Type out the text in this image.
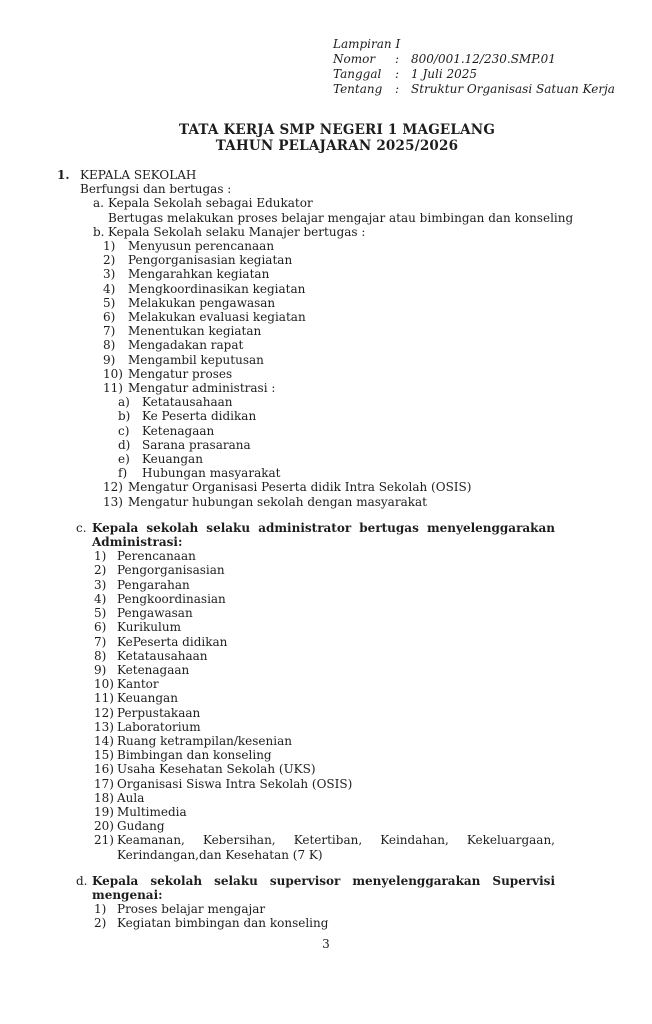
Lampiran I
Nomor	: 800/001.12/230.SMP.01
Tanggal	: 1 Juli 2025
Tentang	: Struktur Organisasi Satuan Kerja
TATA KERJA SMP NEGERI 1 MAGELANG
TAHUN PELAJARAN 2025/2026
1. KEPALA SEKOLAH
Berfungsi dan bertugas :
a. Kepala Sekolah sebagai Edukator
Bertugas melakukan proses belajar mengajar atau bimbingan dan konseling
b. Kepala Sekolah selaku Manajer bertugas :
1)	Menyusun perencanaan
2)	Pengorganisasian kegiatan
3)	Mengarahkan kegiatan
4)	Mengkoordinasikan kegiatan
5)	Melakukan pengawasan
6)	Melakukan evaluasi kegiatan
7)	Menentukan kegiatan
8)	Mengadakan rapat
9)	Mengambil keputusan
10) Mengatur proses
11) Mengatur administrasi :
a)	Ketatausahaan
b) Ke Peserta didikan
c)	Ketenagaan
d) Sarana prasarana
e)	Keuangan
f)	Hubungan masyarakat
12) Mengatur Organisasi Peserta didik Intra Sekolah (OSIS)
13) Mengatur hubungan sekolah dengan masyarakat
c. Kepala sekolah selaku administrator bertugas menyelenggarakan Administrasi:
1) Perencanaan
2) Pengorganisasian
3) Pengarahan
4) Pengkoordinasian
5) Pengawasan
6) Kurikulum
7) KePeserta didikan
8) Ketatausahaan
9) Ketenagaan
10) Kantor
11) Keuangan
12) Perpustakaan
13) Laboratorium
14) Ruang ketrampilan/kesenian
15) Bimbingan dan konseling
16) Usaha Kesehatan Sekolah (UKS)
17) Organisasi Siswa Intra Sekolah (OSIS)
18) Aula
19) Multimedia
20) Gudang
21) Keamanan, Kebersihan, Ketertiban, Keindahan, Kekeluargaan, Kerindangan,dan Kesehatan (7 K)
d. Kepala sekolah selaku supervisor menyelenggarakan Supervisi mengenai:
1) Proses belajar mengajar
2) Kegiatan bimbingan dan konseling
3
